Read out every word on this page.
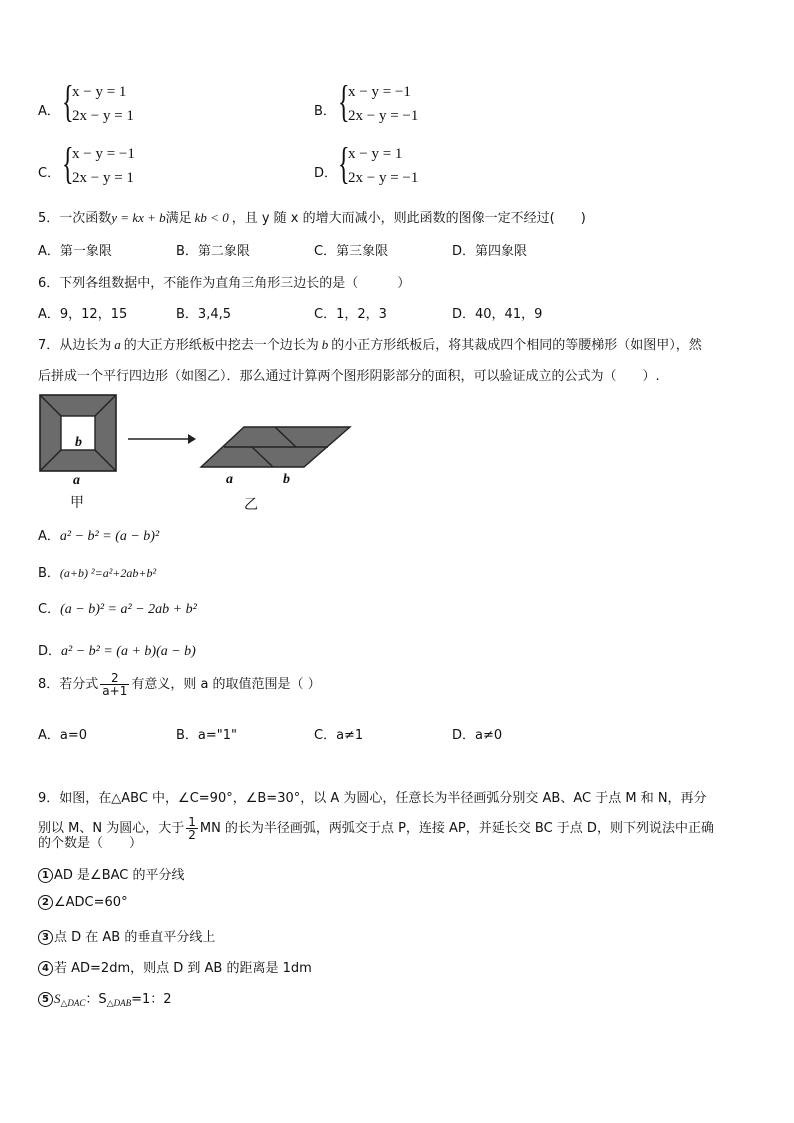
A． {
x − y = 1
2x − y = 1	B． {
x − y = −1
2x − y = −1
C． {
x − y = −1
2x − y = 1	D． {
x − y = 1
2x − y = −1
5．一次函数y = kx + b满足 kb < 0 ，且 y 随 x 的增大而减小，则此函数的图像一定不经过(　　)
A．第一象限	B．第二象限	C．第三象限	D．第四象限
6．下列各组数据中，不能作为直角三角形三边长的是（　　　）
A．9，12，15	B．3,4,5	C．1，2，3	D．40，41，9
7．从边长为 a 的大正方形纸板中挖去一个边长为 b 的小正方形纸板后，将其裁成四个相同的等腰梯形（如图甲），然
后拼成一个平行四边形（如图乙）．那么通过计算两个图形阴影部分的面积，可以验证成立的公式为（　　）.
b
a
甲
a	b
乙
A．a² − b² = (a − b)²
B．(a+b) ²=a²+2ab+b²
C．(a − b)² = a² − 2ab + b²
D．a² − b² = (a + b)(a − b)
8．若分式 $\frac{2}{a+1}$ 有意义，则 a 的取值范围是（ ）
A．a=0	B．a="1"	C．a≠1	D．a≠0
9．如图，在△ABC 中，∠C=90°，∠B=30°，以 A 为圆心，任意长为半径画弧分别交 AB、AC 于点 M 和 N，再分
别以 M、N 为圆心，大于 $\frac{1}{2}$ MN 的长为半径画弧，两弧交于点 P，连接 AP，并延长交 BC 于点 D，则下列说法中正确
的个数是（　　）
1 AD 是∠BAC 的平分线
2 ∠ADC=60°
3 点 D 在 AB 的垂直平分线上
4 若 AD=2dm，则点 D 到 AB 的距离是 1dm
5 $S_{\triangle DAC}$：$S_{\triangle DAB}=1$：2
